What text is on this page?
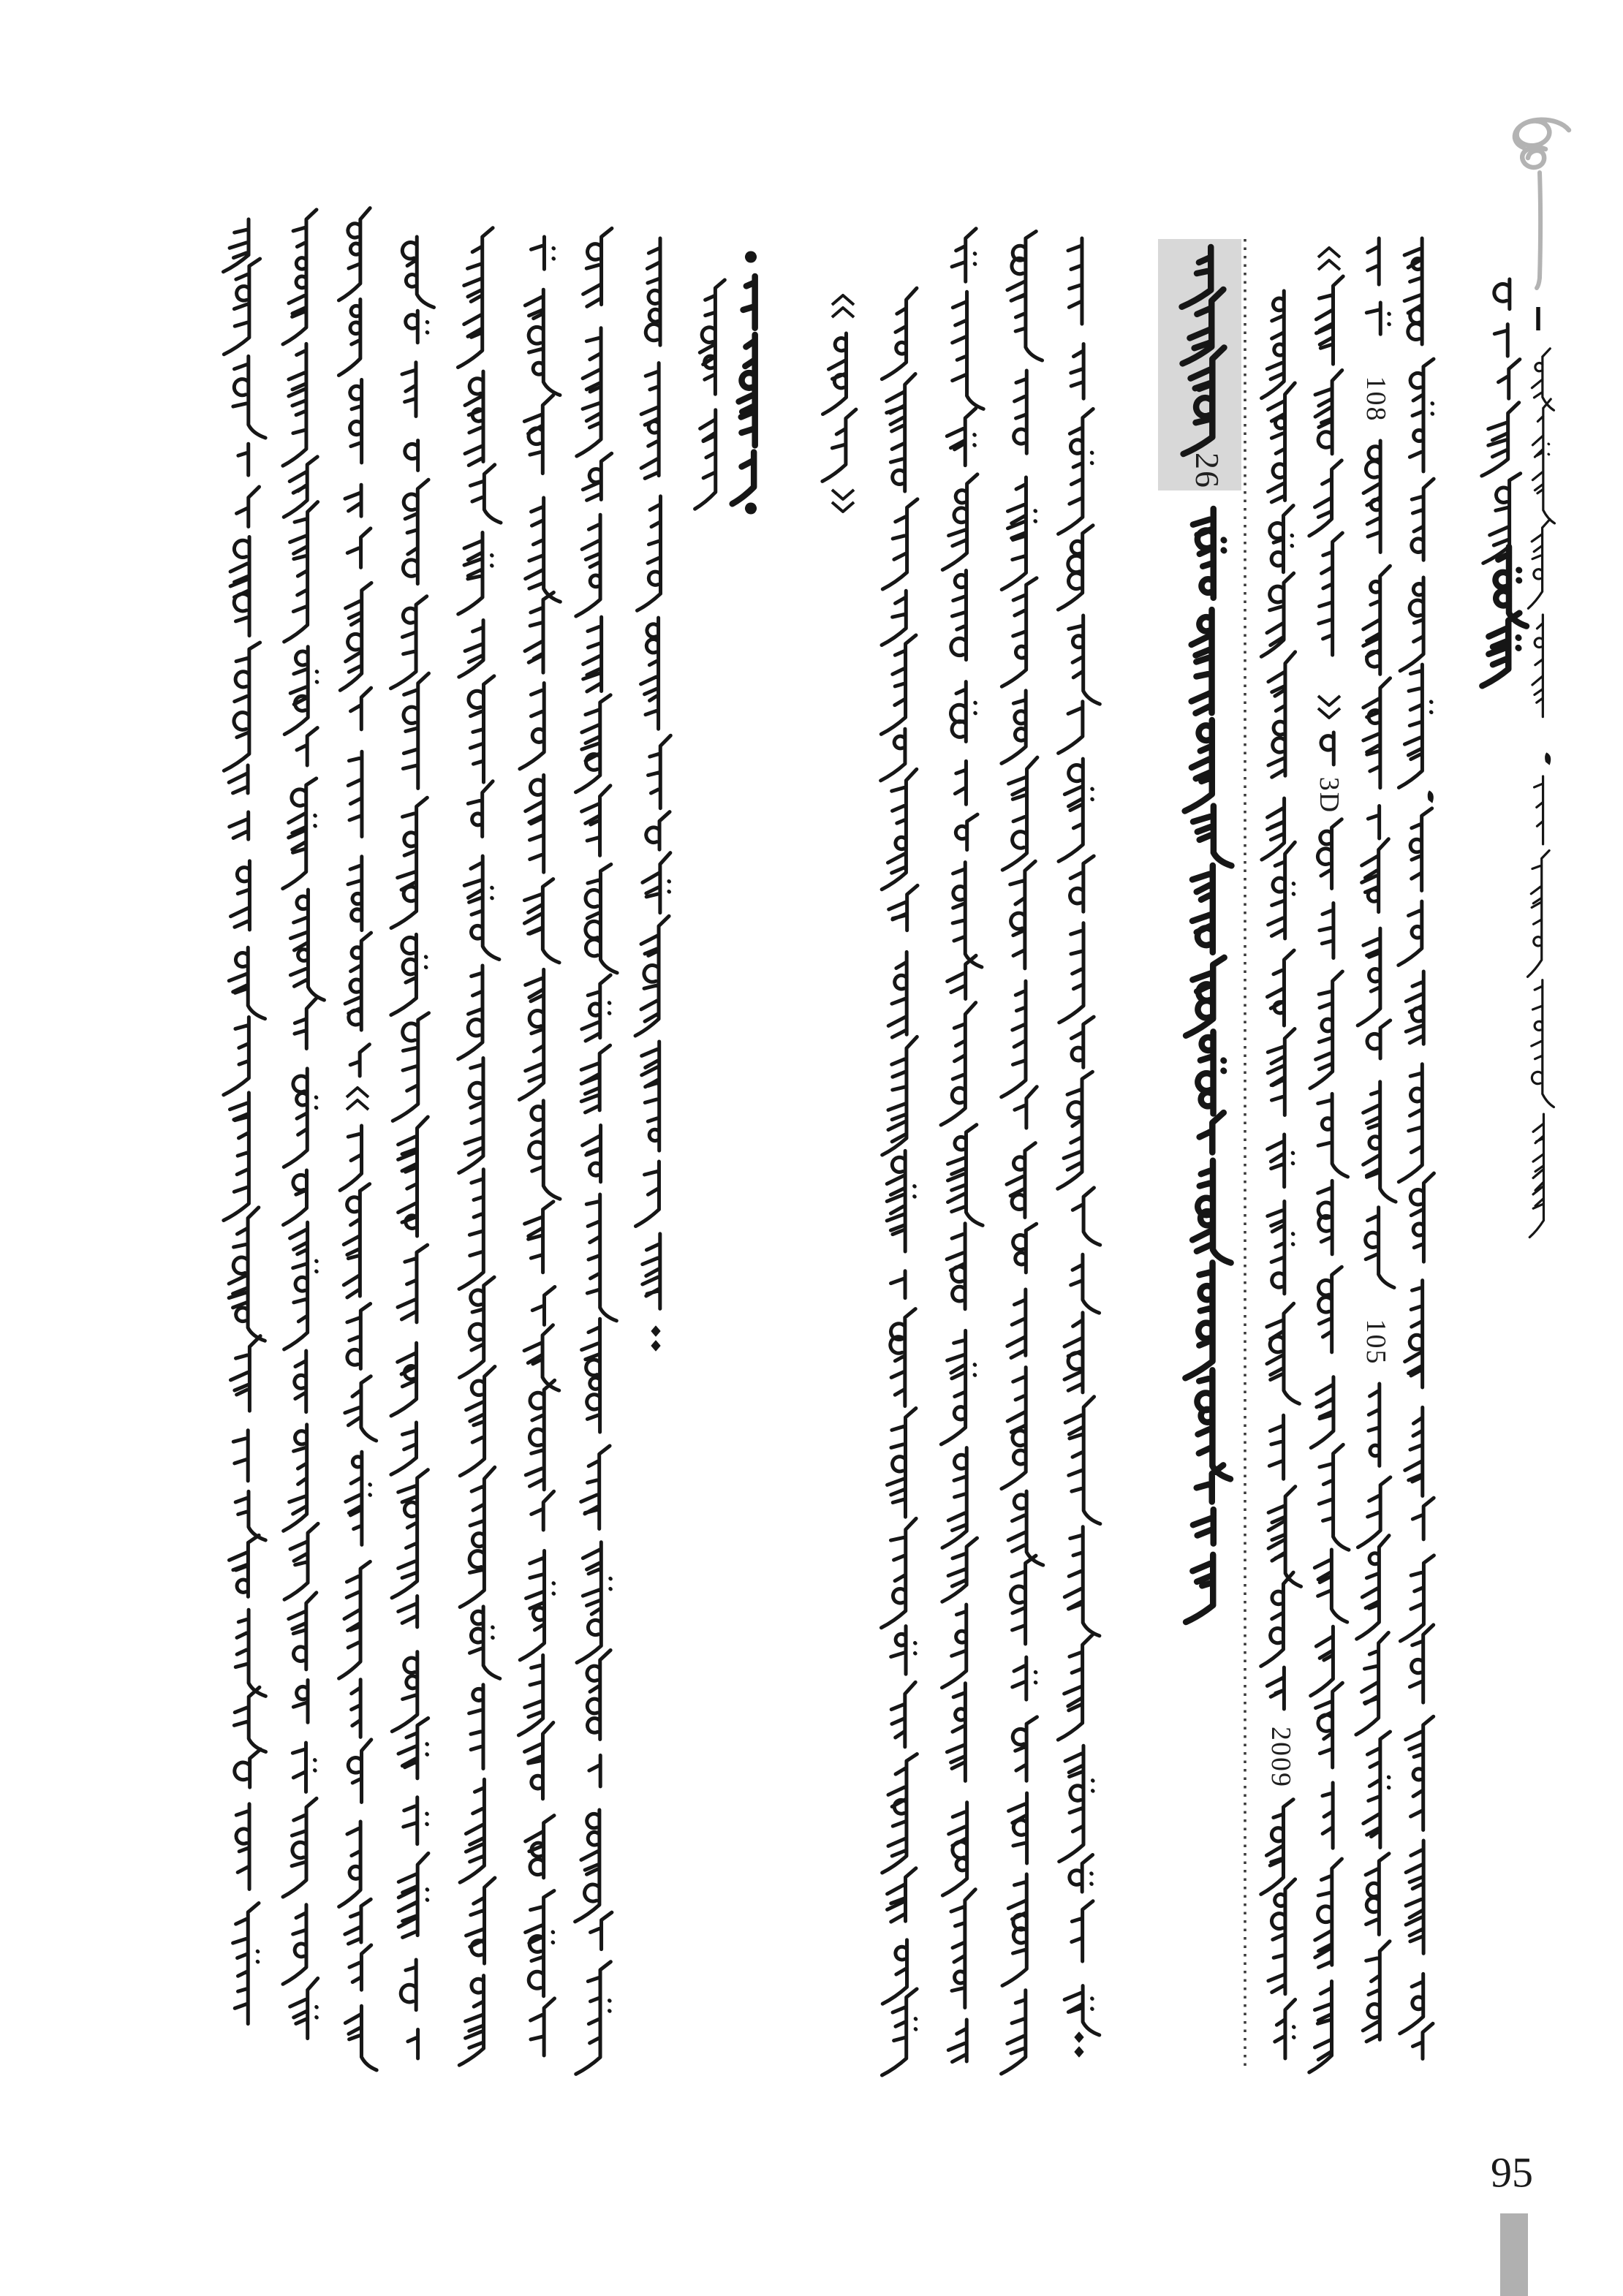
108
105
3D
2009
26
95
